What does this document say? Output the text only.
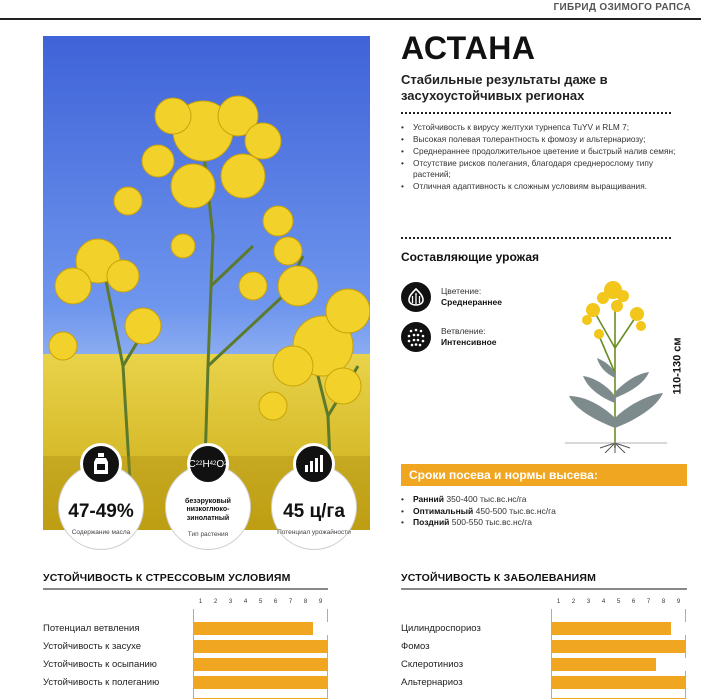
ГИБРИД ОЗИМОГО РАПСА
47-49%
Содержание масла
C 22 H 42 O 2
безэруковый низкоглюко-зинолатный
Тип растения
45 ц/га
Потенциал урожайности
АСТАНА
Стабильные результаты даже в засухоустойчивых регионах
• Устойчивость к вирусу желтухи турнепса TuYV и RLM 7;
• Высокая полевая толерантность к фомозу и альтернариозу;
• Среднераннее продолжительное цветение и быстрый налив семян;
• Отсутствие рисков полегания, благодаря среднерослому типу растений;
• Отличная адаптивность к сложным условиям выращивания.
Составляющие урожая
Цветение:
Среднераннее
Ветвление:
Интенсивное	110-130 см
Сроки посева и нормы высева:
• Ранний 350-400 тыс.вс.нс/га
• Оптимальный 450-500 тыс.вс.нс/га
• Поздний 500-550 тыс.вс.нс/га
УСТОЙЧИВОСТЬ К СТРЕССОВЫМ УСЛОВИЯМ
1	2	3	4	5	6	7	8	9
Потенциал ветвления
Устойчивость к засухе
Устойчивость к осыпанию
Устойчивость к полеганию
УСТОЙЧИВОСТЬ К ЗАБОЛЕВАНИЯМ
1	2	3	4	5	6	7	8	9
Цилиндроспориоз
Фомоз
Склеротиниоз
Альтернариоз
